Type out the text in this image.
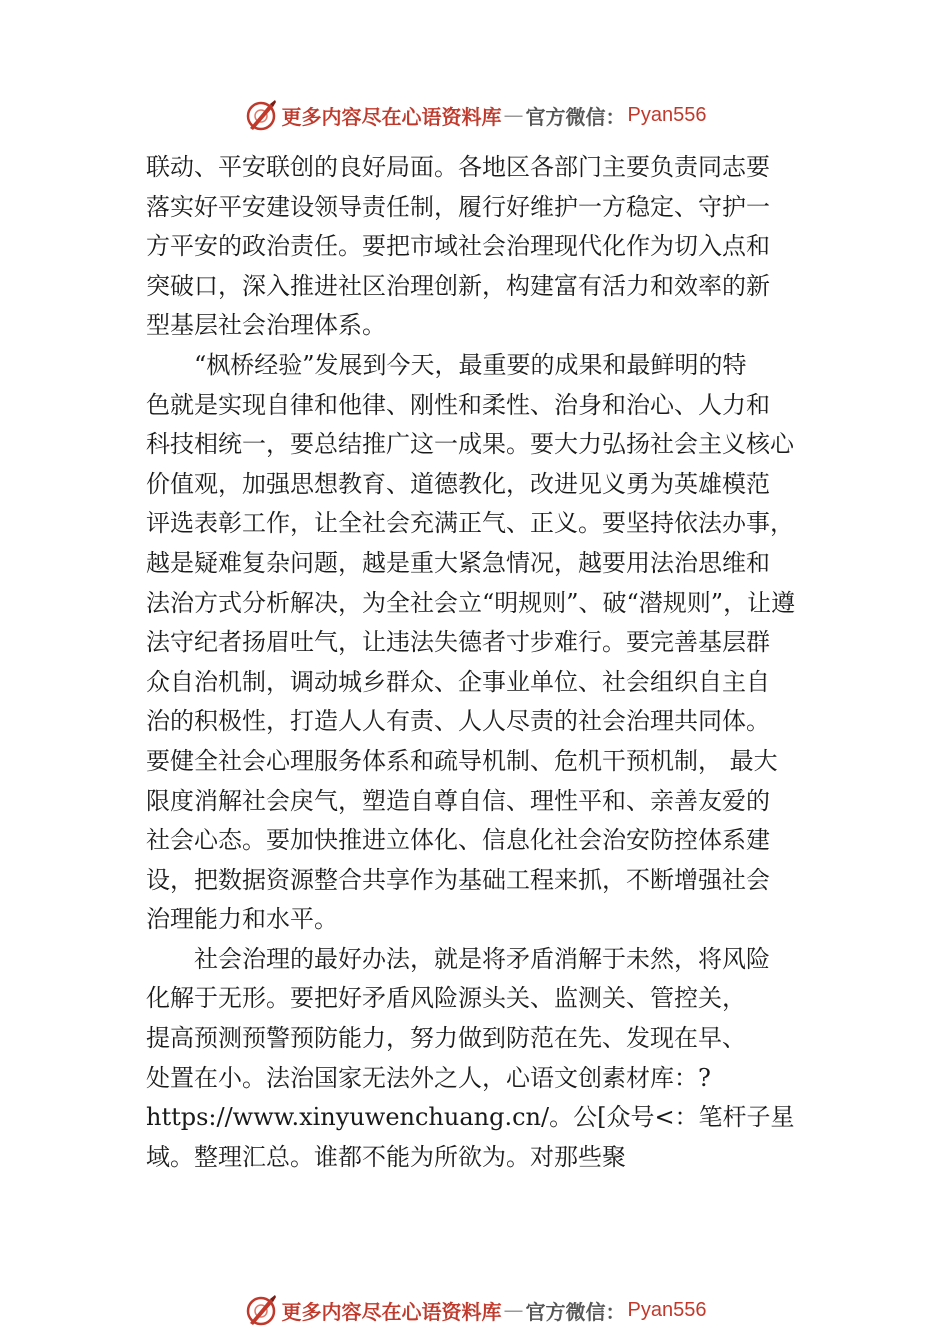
更多内容尽在心语资料库 — 官方微信： Pyan556
联动、平安联创的良好局面。各地区各部门主要负责同志要
落实好平安建设领导责任制，履行好维护一方稳定、守护一
方平安的政治责任。要把市域社会治理现代化作为切入点和
突破口，深入推进社区治理创新，构建富有活力和效率的新
型基层社会治理体系。
“枫桥经验”发展到今天，最重要的成果和最鲜明的特
色就是实现自律和他律、刚性和柔性、治身和治心、人力和
科技相统一，要总结推广这一成果。要大力弘扬社会主义核心
价值观，加强思想教育、道德教化，改进见义勇为英雄模范
评选表彰工作，让全社会充满正气、正义。要坚持依法办事，
越是疑难复杂问题，越是重大紧急情况，越要用法治思维和
法治方式分析解决，为全社会立“明规则”、破“潜规则”，让遵
法守纪者扬眉吐气，让违法失德者寸步难行。要完善基层群
众自治机制，调动城乡群众、企事业单位、社会组织自主自
治的积极性，打造人人有责、人人尽责的社会治理共同体。
要健全社会心理服务体系和疏导机制、危机干预机制， 最大
限度消解社会戾气，塑造自尊自信、理性平和、亲善友爱的
社会心态。要加快推进立体化、信息化社会治安防控体系建
设，把数据资源整合共享作为基础工程来抓，不断增强社会
治理能力和水平。
社会治理的最好办法，就是将矛盾消解于未然，将风险
化解于无形。要把好矛盾风险源头关、监测关、管控关，
提高预测预警预防能力，努力做到防范在先、发现在早、
处置在小。法治国家无法外之人，心语文创素材库：?
https://www.xinyuwenchuang.cn/。公[众号<：笔杆子星
域。整理汇总。谁都不能为所欲为。对那些聚
更多内容尽在心语资料库 — 官方微信： Pyan556
